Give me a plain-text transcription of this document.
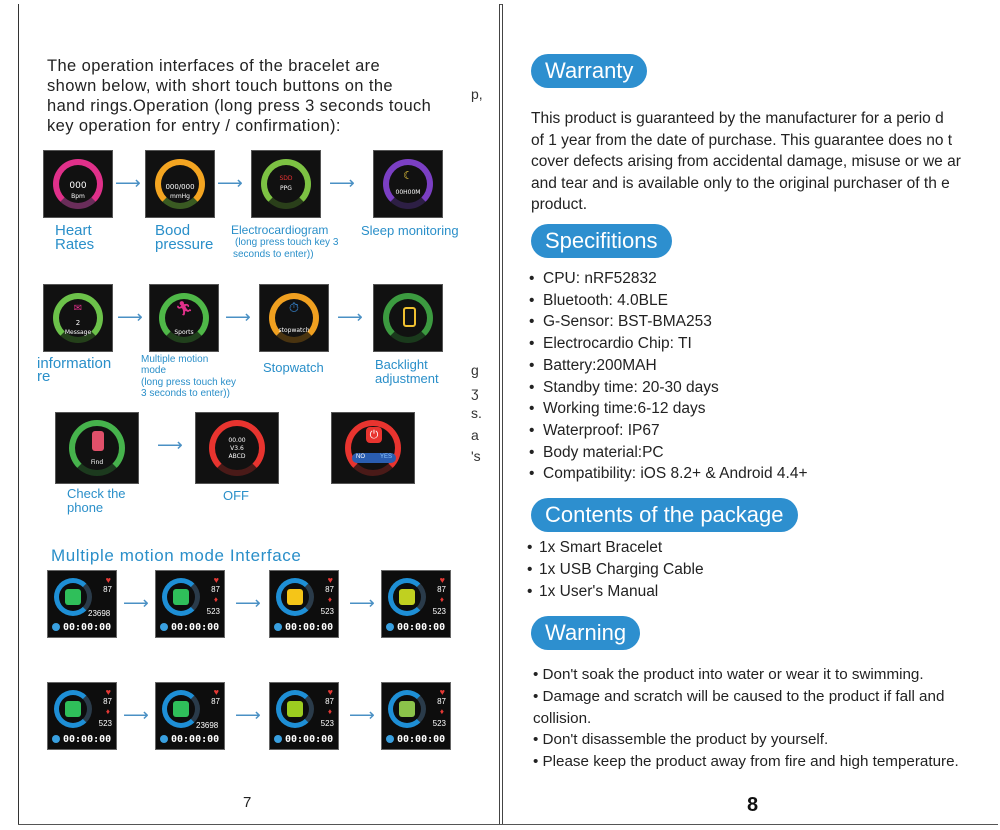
The operation interfaces of the bracelet are

shown below, with short touch buttons on the

hand rings.Operation (long press 3 seconds touch

key operation for entry / confirmation):

p,
g
ʒ
s.
a
's
000
Bpm
⟶	000/000
mmHg
⟶	SDD
PPG	⟶	☾
00H00M
Heart
Rates
Bood
pressure
Electrocardiogram
(long press touch key 3
seconds to enter))
Sleep monitoring
✉
2
Message
⟶	🏃︎
Sports
⟶	⏱︎
stopwatch
⟶
information
re
Multiple motion
mode
(long press touch key
3 seconds to enter))
Stopwatch	Backlight
adjustment
Find
⟶	00.00
V3.6
ABCD
⏻
NO YES
Check the
phone
OFF
Multiple motion mode Interface
♥
87
23698
00:00:00
⟶
♥
87
♦
523
00:00:00
⟶
♥
87
♦
523
00:00:00
⟶
♥
87
♦
523
00:00:00
♥
87
♦
523
00:00:00
⟶
♥
87
23698
00:00:00
⟶
♥
87
♦
523
00:00:00
⟶
♥
87
♦
523
00:00:00
7
Warranty

This product is guaranteed by the manufacturer for a perio d

of 1 year from the date of purchase. This guarantee does no t

cover defects arising from accidental damage, misuse or we ar

and tear and is available only to the original purchaser of th e

product.

Specifitions
• CPU: nRF52832
• Bluetooth: 4.0BLE
• G-Sensor: BST-BMA253
• Electrocardio Chip: TI
• Battery:200MAH
• Standby time: 20-30 days
• Working time:6-12 days
• Waterproof: IP67
• Body material:PC
• Compatibility: iOS 8.2+ & Android 4.4+
Contents of the package
• 1x Smart Bracelet
• 1x USB Charging Cable
• 1x User's Manual
Warning

• Don't soak the product into water or wear it to swimming.

• Damage and scratch will be caused to the product if fall and

collision.

• Don't disassemble the product by yourself.

• Please keep the product away from fire and high temperature.

8
